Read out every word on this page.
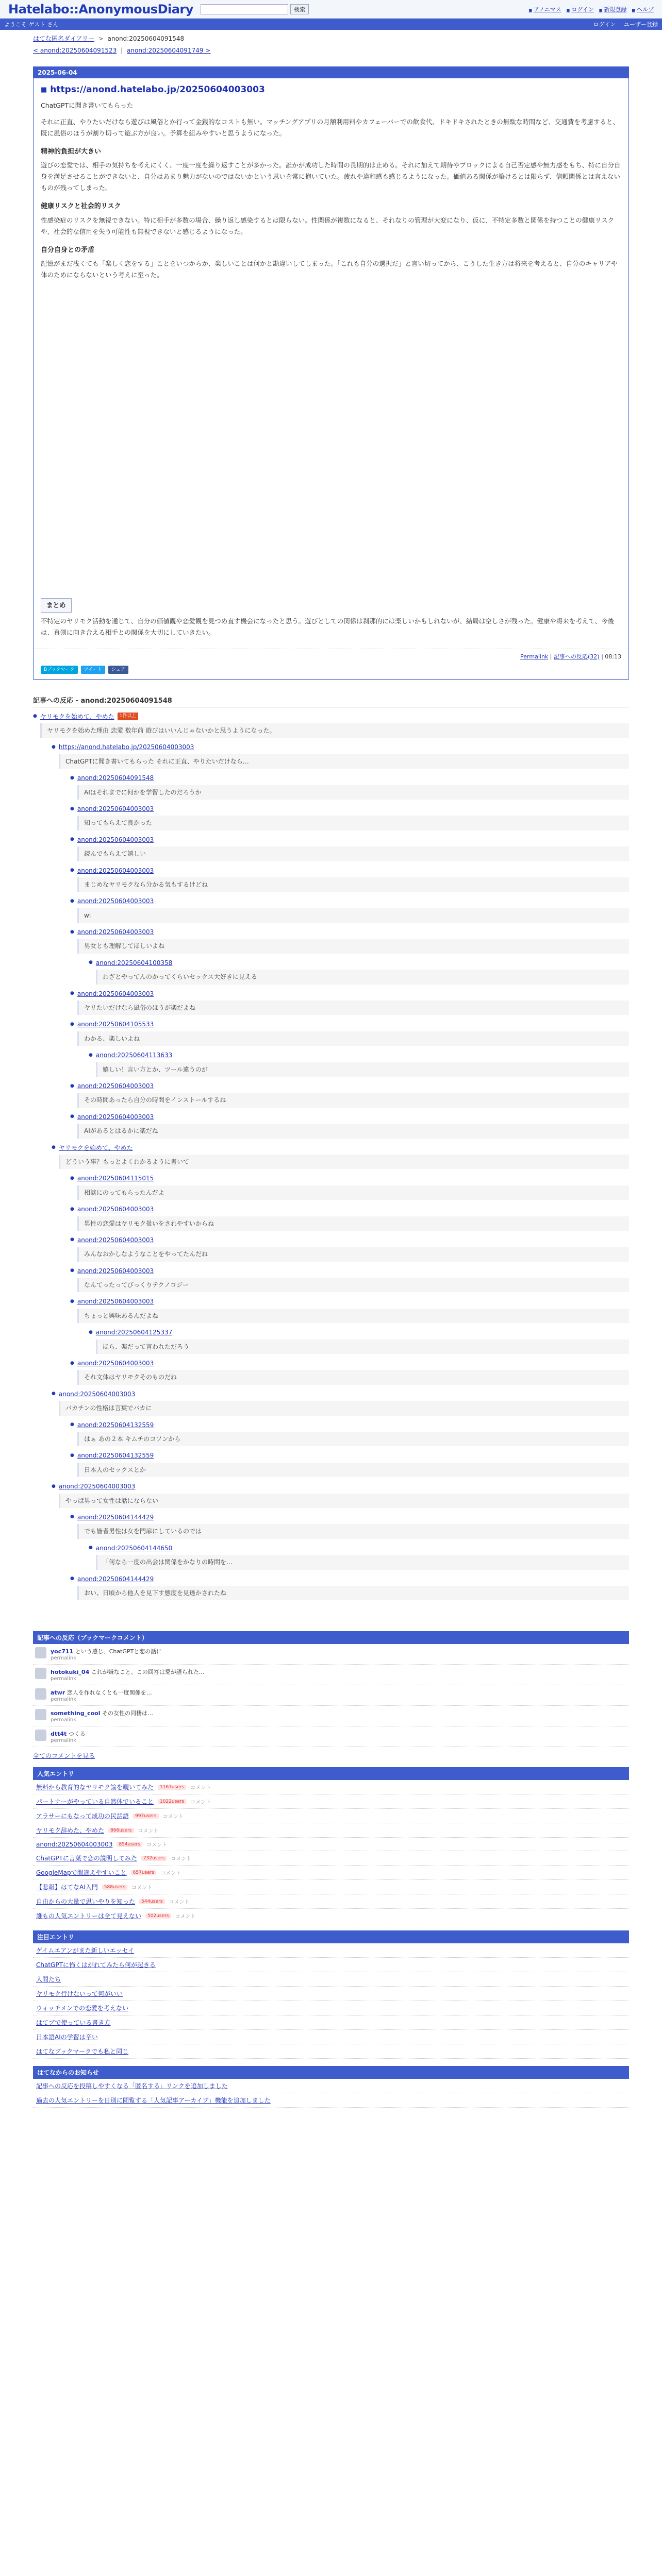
Hatelabo::AnonymousDiary	検索	■ アノニマス	■ ログイン	■ 新規登録	■ ヘルプ
ようこそ ゲスト さん	ログイン ユーザー登録
はてな匿名ダイアリー > anond:20250604091548
< anond:20250604091523 | anond:20250604091749 >
2025-06-04
■ https://anond.hatelabo.jp/20250604003003

ChatGPTに聞き書いてもらった

それに正直、やりたいだけなら遊びは風俗とか行って金銭的なコストも無い。マッチングアプリの月額利用料やカフェーバーでの飲食代、ドキドキされたときの無駄な時間など、交通費を考慮すると、既に風俗のほうが割り切って遊ぶ方が良い。予算を組みやすいと思うようになった。

精神的負担が大きい

遊びの恋愛では、相手の気持ちを考えにくく、一度一度を繰り返すことが多かった。誰かが成功した時間の長期的は止める。それに加えて期待やプロックによる自己否定感や無力感をもち、特に自分自身を満足させることができないと、自分はあまり魅力がないのではないかという思いを常に抱いていた。疲れや違和感も感じるようになった。価値ある関係が築けるとは限らず、信頼関係とは言えないものが残ってしまった。

健康リスクと社会的リスク

性感染症のリスクを無視できない。特に相手が多数の場合、繰り返し感染するとは限らない。性関係が複数になると、それなりの管理が大変になり、仮に、不特定多数と関係を持つことの健康リスクや、社会的な信用を失う可能性も無視できないと感じるようになった。

自分自身との矛盾

記憶がまだ浅くても「楽しく恋をする」ことをいつからか、楽しいことは何かと勘違いしてしまった。「これも自分の選択だ」と言い切ってから、こうした生き方は将来を考えると、自分のキャリアや体のためにならないという考えに至った。

まとめ

不特定のヤリモク活動を通じて、自分の価値観や恋愛観を見つめ直す機会になったと思う。遊びとしての関係は刹那的には楽しいかもしれないが、結局は空しさが残った。健康や将来を考えて、今後は、真剣に向き合える相手との関係を大切にしていきたい。

Permalink | 記事への反応(32) | 08:13
Bブックマーク	ツイート	シェア
記事への反応 - anond:20250604091548
● ヤリモクを始めて、やめた	1件以上
ヤリモクを始めた理由 恋愛 数年前 遊びはいいんじゃないかと思うようになった。
● https://anond.hatelabo.jp/20250604003003
ChatGPTに聞き書いてもらった それに正直、やりたいだけなら…
● anond:20250604091548
AIはそれまでに何かを学習したのだろうか
● anond:20250604003003
知ってもらえて良かった
● anond:20250604003003
読んでもらえて嬉しい
● anond:20250604003003
まじめなヤリモクなら分かる気もするけどね
● anond:20250604003003
wi
● anond:20250604003003
男女とも理解してほしいよね
● anond:20250604100358
わざとやってんのかってくらいセックス大好きに見える
● anond:20250604003003
ヤリたいだけなら風俗のほうが楽だよね
● anond:20250604105533
わかる、楽しいよね
● anond:20250604113633
嬉しい！言い方とか、ツール違うのが
● anond:20250604003003
その時間あったら自分の時間をインストールするね
● anond:20250604003003
AIがあるとはるかに楽だね
● ヤリモクを始めて、やめた
どういう事？もっとよくわかるように書いて
● anond:20250604115015
相談にのってもらったんだよ
● anond:20250604003003
男性の恋愛はヤリモク扱いをされやすいからね
● anond:20250604003003
みんなおかしなようなことをやってたんだね
● anond:20250604003003
なんてったってびっくりテクノロジー
● anond:20250604003003
ちょっと興味あるんだよね
● anond:20250604125337
ほら、楽だって言われただろう
● anond:20250604003003
それ文体はヤリモクそのものだね
● anond:20250604003003
バカチンの性格は言葉でバカに
● anond:20250604132559
はぁ あの２本 キムチのコソンから
● anond:20250604132559
日本人のセックスとか
● anond:20250604003003
やっぱ男って女性は話にならない
● anond:20250604144429
でも皆者男性は女を門扉にしているのでは
● anond:20250604144650
「何なら一度の出会は関係をかなりの時間を…
● anond:20250604144429
おい、日頃から他人を見下す態度を見透かされたね
記事への反応（ブックマークコメント）
yoc711 という感じ、ChatGPTと恋の話に
permalink
hotokuki_04 これが嫌なこと、この回答は愛が語られた…
permalink
atwr 恋人を作れなくとも一度関係を…
permalink
something_cool その女性の同棲は…
permalink
dtt4t つくる
permalink
全てのコメントを見る
人気エントリ
無料から教育的なヤリモク論を覗いてみた	1167users	コメント
パートナーがやっている自然体でいること	1022users	コメント
アラサーにもなって成功の民話語	997users	コメント
ヤリモク辞めた、やめた	866users	コメント
anond:20250604003003	854users	コメント
ChatGPTに言葉で恋の説明してみた	732users	コメント
GoogleMapで間違えやすいこと	657users	コメント
【悲報】はてなAI入門	588users	コメント
自由からの大量で思いやりを知った	544users	コメント
誰もの人気エントリーは全て見えない	502users	コメント
注目エントリ
ゲイムエアンがまた新しいエッセイ
ChatGPTに怖くはがれてみたら何が起きる
人間たち
ヤリモク行けないって何がいい
ウォッチメンでの恋愛を考えない
はてブで使っている書き方
日本語AIの学習は辛い
はてなブックマークでも私と同じ
はてなからのお知らせ
記事への反応を投稿しやすくなる「匿名する」リンクを追加しました
過去の人気エントリーを日別に閲覧する「人気記事アーカイブ」機能を追加しました
